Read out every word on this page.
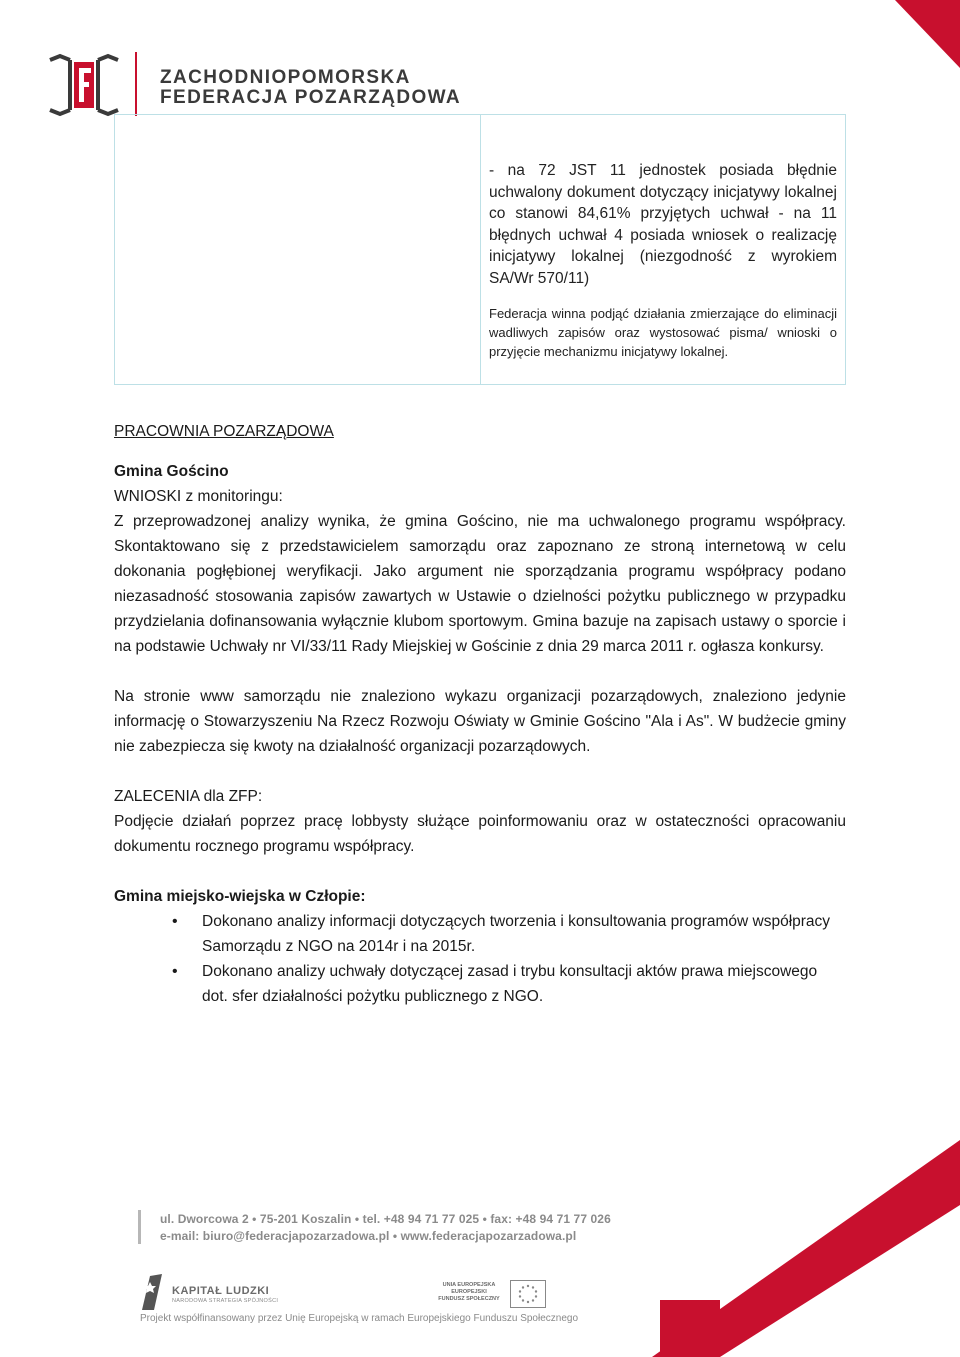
ZACHODNIOPOMORSKA
FEDERACJA POZARZĄDOWA

- na 72 JST 11 jednostek posiada błędnie uchwalony dokument dotyczący inicjatywy lokalnej co stanowi 84,61% przyjętych uchwał - na 11 błędnych uchwał 4 posiada wniosek o realizację inicjatywy lokalnej (niezgodność z wyrokiem SA/Wr 570/11)

Federacja winna podjąć działania zmierzające do eliminacji wadliwych zapisów oraz wystosować pisma/ wnioski o przyjęcie mechanizmu inicjatywy lokalnej.

PRACOWNIA POZARZĄDOWA
Gmina Gościno
WNIOSKI z monitoringu:

Z przeprowadzonej analizy wynika, że gmina Gościno, nie ma uchwalonego programu współpracy. Skontaktowano się z przedstawicielem samorządu oraz zapoznano ze stroną internetową w celu dokonania pogłębionej weryfikacji. Jako argument nie sporządzania programu współpracy podano niezasadność stosowania zapisów zawartych w Ustawie o dzielności pożytku publicznego w przypadku przydzielania dofinansowania wyłącznie klubom sportowym. Gmina bazuje na zapisach ustawy o sporcie i na podstawie Uchwały nr VI/33/11 Rady Miejskiej w Gościnie z dnia 29 marca 2011 r. ogłasza konkursy.

Na stronie www samorządu nie znaleziono wykazu organizacji pozarządowych, znaleziono jedynie informację o Stowarzyszeniu Na Rzecz Rozwoju Oświaty w Gminie Gościno "Ala i As". W budżecie gminy nie zabezpiecza się kwoty na działalność organizacji pozarządowych.

ZALECENIA dla ZFP:

Podjęcie działań poprzez pracę lobbysty służące poinformowaniu oraz w ostateczności opracowaniu dokumentu rocznego programu współpracy.

Gmina miejsko-wiejska w Człopie:
• Dokonano analizy informacji dotyczących tworzenia i konsultowania programów współpracy Samorządu z NGO na 2014r i na 2015r.
• Dokonano analizy uchwały dotyczącej zasad i trybu konsultacji aktów prawa miejscowego dot. sfer działalności pożytku publicznego z NGO.
ul. Dworcowa 2 • 75-201 Koszalin • tel. +48 94 71 77 025 • fax: +48 94 71 77 026
e-mail: biuro@federacjapozarzadowa.pl • www.federacjapozarzadowa.pl
KAPITAŁ LUDZKI
NARODOWA STRATEGIA SPÓJNOŚCI
UNIA EUROPEJSKA
EUROPEJSKI
FUNDUSZ SPOŁECZNY
Projekt współfinansowany przez Unię Europejską w ramach Europejskiego Funduszu Społecznego
